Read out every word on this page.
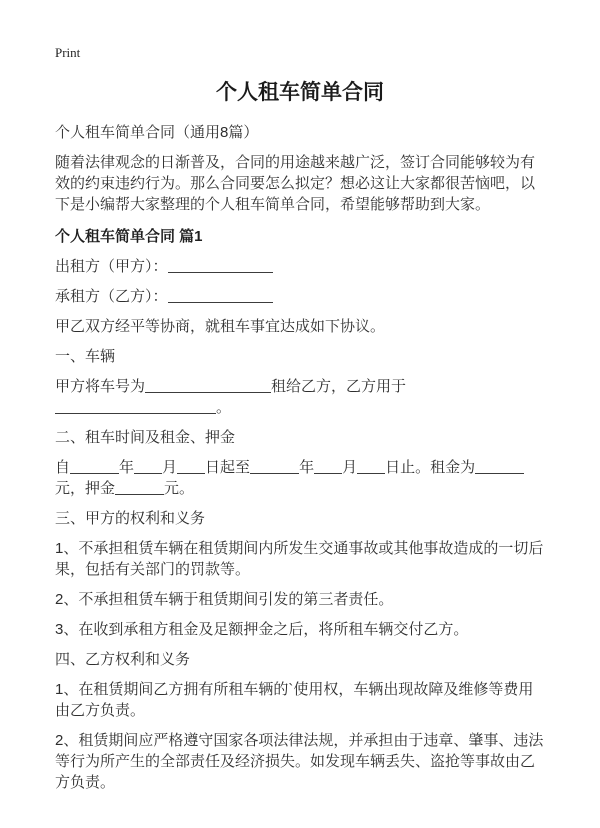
Print
个人租车简单合同
个人租车简单合同（通用8篇）

随着法律观念的日渐普及，合同的用途越来越广泛，签订合同能够较为有效的约束违约行为。那么合同要怎么拟定？想必这让大家都很苦恼吧，以下是小编帮大家整理的个人租车简单合同，希望能够帮助到大家。

个人租车简单合同 篇1

出租方（甲方）：

承租方（乙方）：

甲乙双方经平等协商，就租车事宜达成如下协议。

一、车辆

甲方将车号为	租给乙方，乙方用于
。

二、租车时间及租金、押金

自	年 月 日起至	年 月 日止。租金为
元，押金	元。

三、甲方的权利和义务

1、不承担租赁车辆在租赁期间内所发生交通事故或其他事故造成的一切后果，包括有关部门的罚款等。

2、不承担租赁车辆于租赁期间引发的第三者责任。

3、在收到承租方租金及足额押金之后，将所租车辆交付乙方。

四、乙方权利和义务

1、在租赁期间乙方拥有所租车辆的`使用权，车辆出现故障及维修等费用由乙方负责。

2、租赁期间应严格遵守国家各项法律法规，并承担由于违章、肇事、违法等行为所产生的全部责任及经济损失。如发现车辆丢失、盗抢等事故由乙方负责。
